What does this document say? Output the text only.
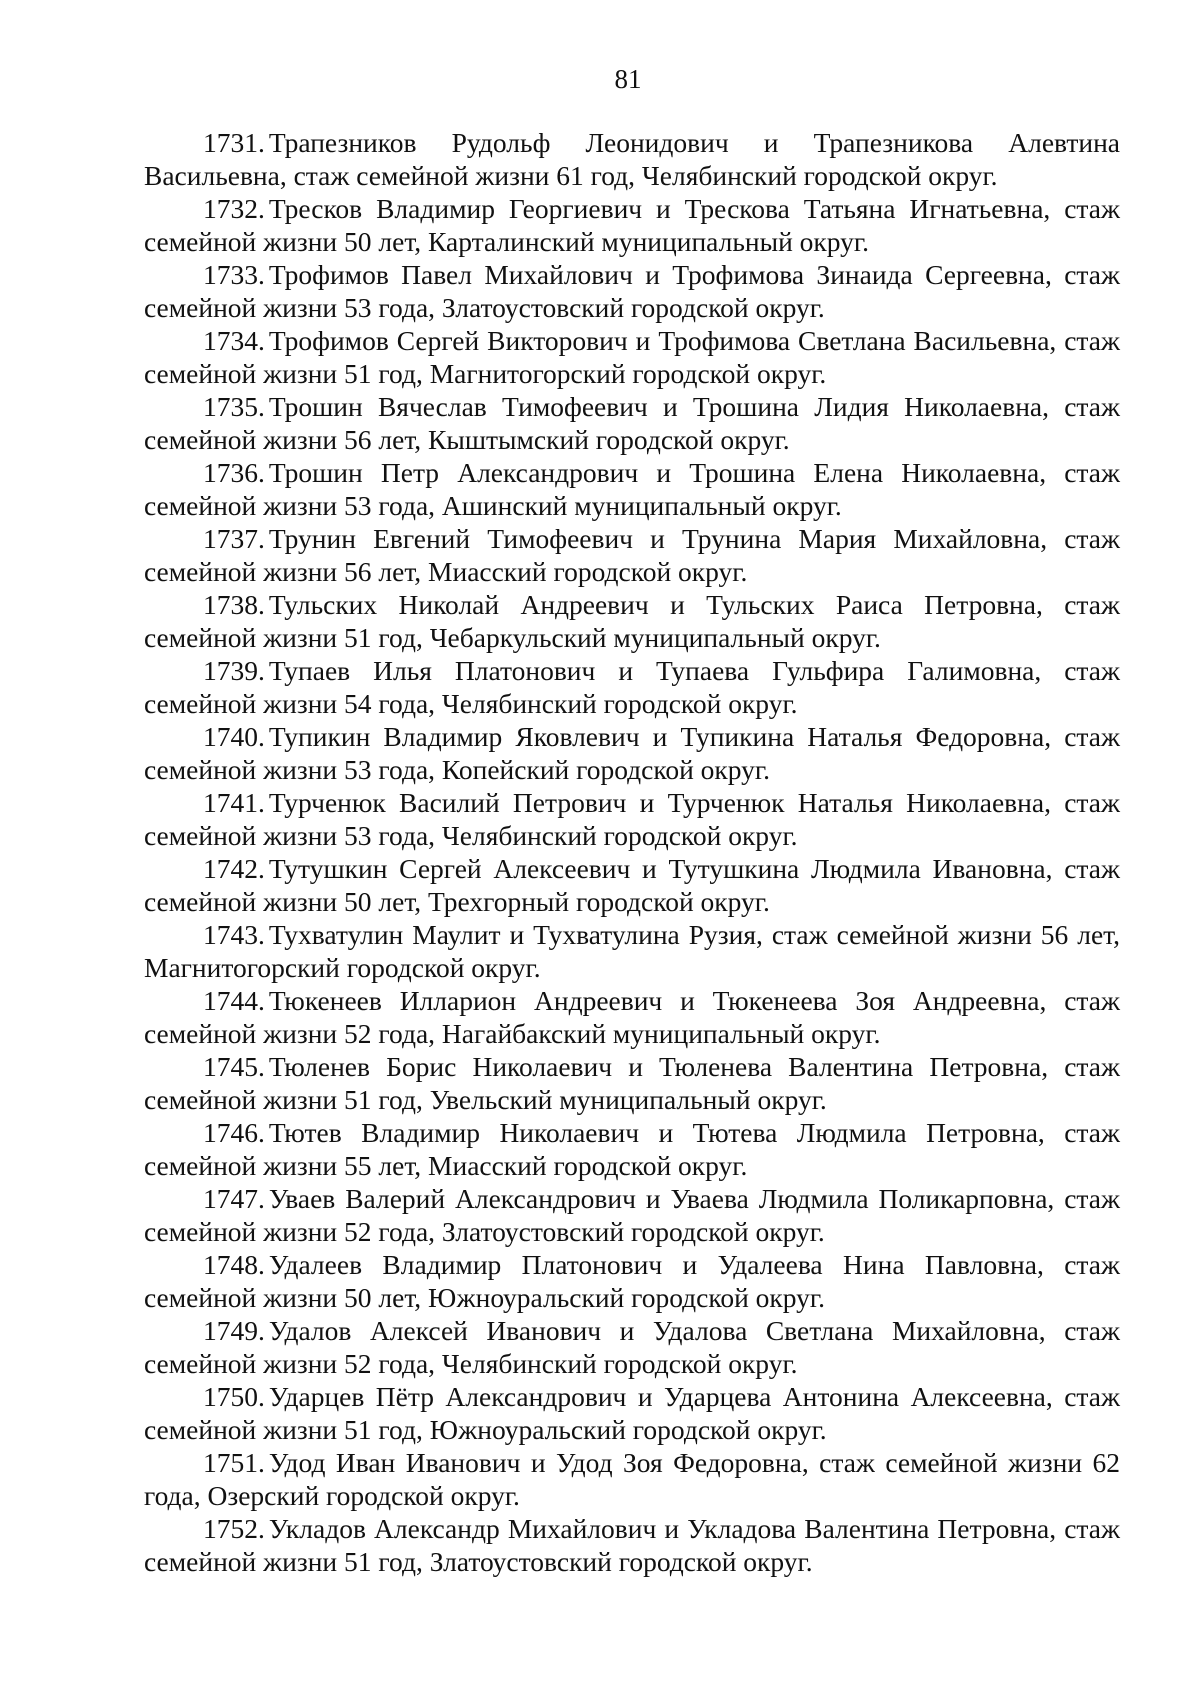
81

1731. Трапезников Рудольф Леонидович и Трапезникова Алевтина Васильевна, стаж семейной жизни 61 год, Челябинский городской округ.

1732. Тресков Владимир Георгиевич и Трескова Татьяна Игнатьевна, стаж семейной жизни 50 лет, Карталинский муниципальный округ.

1733. Трофимов Павел Михайлович и Трофимова Зинаида Сергеевна, стаж семейной жизни 53 года, Златоустовский городской округ.

1734. Трофимов Сергей Викторович и Трофимова Светлана Васильевна, стаж семейной жизни 51 год, Магнитогорский городской округ.

1735. Трошин Вячеслав Тимофеевич и Трошина Лидия Николаевна, стаж семейной жизни 56 лет, Кыштымский городской округ.

1736. Трошин Петр Александрович и Трошина Елена Николаевна, стаж семейной жизни 53 года, Ашинский муниципальный округ.

1737. Трунин Евгений Тимофеевич и Трунина Мария Михайловна, стаж семейной жизни 56 лет, Миасский городской округ.

1738. Тульских Николай Андреевич и Тульских Раиса Петровна, стаж семейной жизни 51 год, Чебаркульский муниципальный округ.

1739. Тупаев Илья Платонович и Тупаева Гульфира Галимовна, стаж семейной жизни 54 года, Челябинский городской округ.

1740. Тупикин Владимир Яковлевич и Тупикина Наталья Федоровна, стаж семейной жизни 53 года, Копейский городской округ.

1741. Турченюк Василий Петрович и Турченюк Наталья Николаевна, стаж семейной жизни 53 года, Челябинский городской округ.

1742. Тутушкин Сергей Алексеевич и Тутушкина Людмила Ивановна, стаж семейной жизни 50 лет, Трехгорный городской округ.

1743. Тухватулин Маулит и Тухватулина Рузия, стаж семейной жизни 56 лет, Магнитогорский городской округ.

1744. Тюкенеев Илларион Андреевич и Тюкенеева Зоя Андреевна, стаж семейной жизни 52 года, Нагайбакский муниципальный округ.

1745. Тюленев Борис Николаевич и Тюленева Валентина Петровна, стаж семейной жизни 51 год, Увельский муниципальный округ.

1746. Тютев Владимир Николаевич и Тютева Людмила Петровна, стаж семейной жизни 55 лет, Миасский городской округ.

1747. Уваев Валерий Александрович и Уваева Людмила Поликарповна, стаж семейной жизни 52 года, Златоустовский городской округ.

1748. Удалеев Владимир Платонович и Удалеева Нина Павловна, стаж семейной жизни 50 лет, Южноуральский городской округ.

1749. Удалов Алексей Иванович и Удалова Светлана Михайловна, стаж семейной жизни 52 года, Челябинский городской округ.

1750. Ударцев Пётр Александрович и Ударцева Антонина Алексеевна, стаж семейной жизни 51 год, Южноуральский городской округ.

1751. Удод Иван Иванович и Удод Зоя Федоровна, стаж семейной жизни 62 года, Озерский городской округ.

1752. Укладов Александр Михайлович и Укладова Валентина Петровна, стаж семейной жизни 51 год, Златоустовский городской округ.
